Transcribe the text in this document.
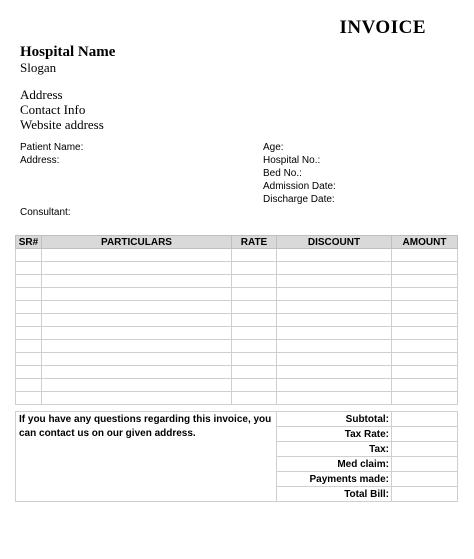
INVOICE
Hospital Name
Slogan
Address
Contact Info
Website address
Patient Name:
Address:
Consultant:
Age:
Hospital No.:
Bed No.:
Admission Date:
Discharge Date:
SR#	PARTICULARS	RATE	DISCOUNT	AMOUNT

If you have any questions regarding this invoice, you can contact us on our given address.	Subtotal:	
	Tax Rate:	
	Tax:	
	Med claim:	
	Payments made:	
	Total Bill:	
